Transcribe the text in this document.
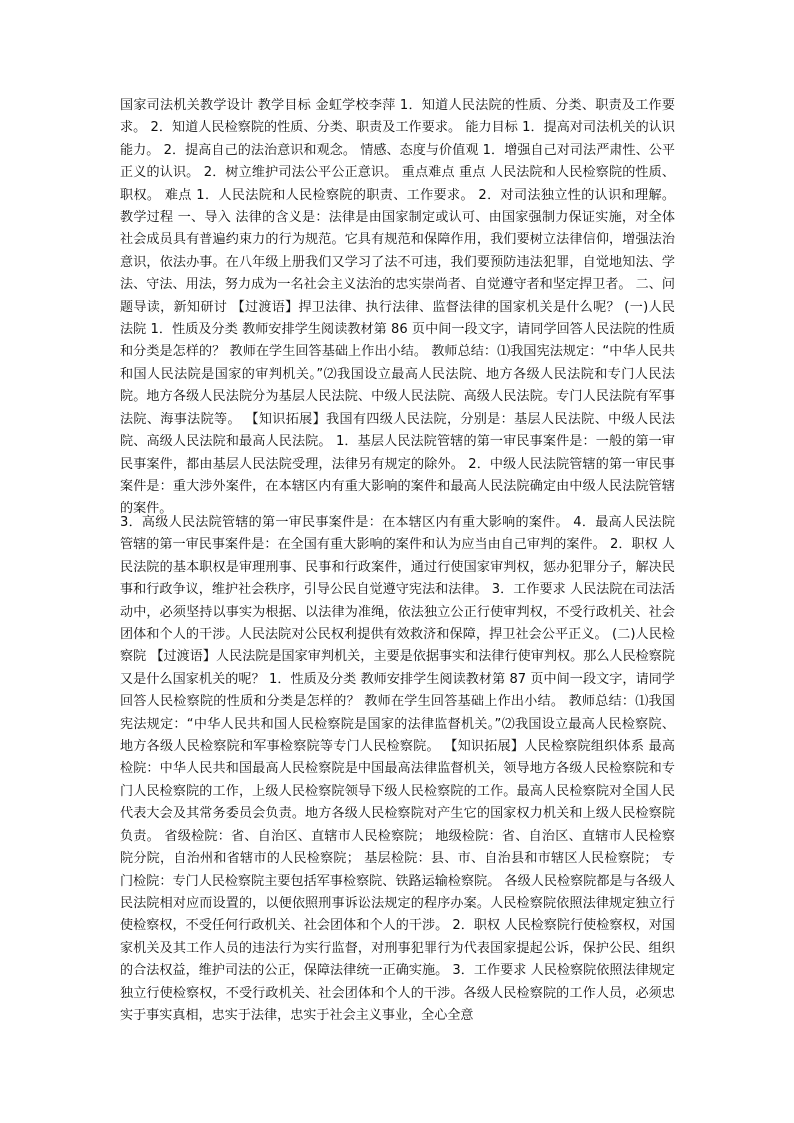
国家司法机关教学设计 教学目标 金虹学校李萍 1．知道人民法院的性质、分类、职责及工作要求。 2．知道人民检察院的性质、分类、职责及工作要求。 能力目标 1．提高对司法机关的认识能力。 2．提高自己的法治意识和观念。 情感、态度与价值观 1．增强自己对司法严肃性、公平正义的认识。 2．树立维护司法公平公正意识。 重点难点 重点 人民法院和人民检察院的性质、职权。 难点 1．人民法院和人民检察院的职责、工作要求。 2．对司法独立性的认识和理解。 教学过程 一、导入 法律的含义是：法律是由国家制定或认可、由国家强制力保证实施，对全体社会成员具有普遍约束力的行为规范。它具有规范和保障作用，我们要树立法律信仰，增强法治意识，依法办事。在八年级上册我们又学习了法不可违，我们要预防违法犯罪，自觉地知法、学法、守法、用法，努力成为一名社会主义法治的忠实崇尚者、自觉遵守者和坚定捍卫者。 二、问题导读，新知研讨 【过渡语】捍卫法律、执行法律、监督法律的国家机关是什么呢？ (一)人民法院 1．性质及分类 教师安排学生阅读教材第 86 页中间一段文字，请同学回答人民法院的性质和分类是怎样的？ 教师在学生回答基础上作出小结。 教师总结：⑴我国宪法规定：“中华人民共和国人民法院是国家的审判机关。”⑵我国设立最高人民法院、地方各级人民法院和专门人民法院。地方各级人民法院分为基层人民法院、中级人民法院、高级人民法院。专门人民法院有军事法院、海事法院等。 【知识拓展】我国有四级人民法院，分别是：基层人民法院、中级人民法院、高级人民法院和最高人民法院。 1．基层人民法院管辖的第一审民事案件是：一般的第一审民事案件，都由基层人民法院受理，法律另有规定的除外。 2．中级人民法院管辖的第一审民事案件是：重大涉外案件，在本辖区内有重大影响的案件和最高人民法院确定由中级人民法院管辖的案件。

3．高级人民法院管辖的第一审民事案件是：在本辖区内有重大影响的案件。 4．最高人民法院管辖的第一审民事案件是：在全国有重大影响的案件和认为应当由自己审判的案件。 2．职权 人民法院的基本职权是审理刑事、民事和行政案件，通过行使国家审判权，惩办犯罪分子，解决民事和行政争议，维护社会秩序，引导公民自觉遵守宪法和法律。 3．工作要求 人民法院在司法活动中，必须坚持以事实为根据、以法律为准绳，依法独立公正行使审判权，不受行政机关、社会团体和个人的干涉。人民法院对公民权利提供有效救济和保障，捍卫社会公平正义。 (二)人民检察院 【过渡语】人民法院是国家审判机关，主要是依据事实和法律行使审判权。那么人民检察院又是什么国家机关的呢？ 1．性质及分类 教师安排学生阅读教材第 87 页中间一段文字，请同学回答人民检察院的性质和分类是怎样的？ 教师在学生回答基础上作出小结。 教师总结：⑴我国宪法规定：“中华人民共和国人民检察院是国家的法律监督机关。”⑵我国设立最高人民检察院、地方各级人民检察院和军事检察院等专门人民检察院。 【知识拓展】人民检察院组织体系 最高检院：中华人民共和国最高人民检察院是中国最高法律监督机关，领导地方各级人民检察院和专门人民检察院的工作，上级人民检察院领导下级人民检察院的工作。最高人民检察院对全国人民代表大会及其常务委员会负责。地方各级人民检察院对产生它的国家权力机关和上级人民检察院负责。 省级检院：省、自治区、直辖市人民检察院； 地级检院：省、自治区、直辖市人民检察院分院，自治州和省辖市的人民检察院； 基层检院：县、市、自治县和市辖区人民检察院； 专门检院：专门人民检察院主要包括军事检察院、铁路运输检察院。 各级人民检察院都是与各级人民法院相对应而设置的，以便依照刑事诉讼法规定的程序办案。人民检察院依照法律规定独立行使检察权，不受任何行政机关、社会团体和个人的干涉。 2．职权 人民检察院行使检察权，对国家机关及其工作人员的违法行为实行监督，对刑事犯罪行为代表国家提起公诉，保护公民、组织的合法权益，维护司法的公正，保障法律统一正确实施。 3．工作要求 人民检察院依照法律规定独立行使检察权，不受行政机关、社会团体和个人的干涉。各级人民检察院的工作人员，必须忠实于事实真相，忠实于法律，忠实于社会主义事业，全心全意
